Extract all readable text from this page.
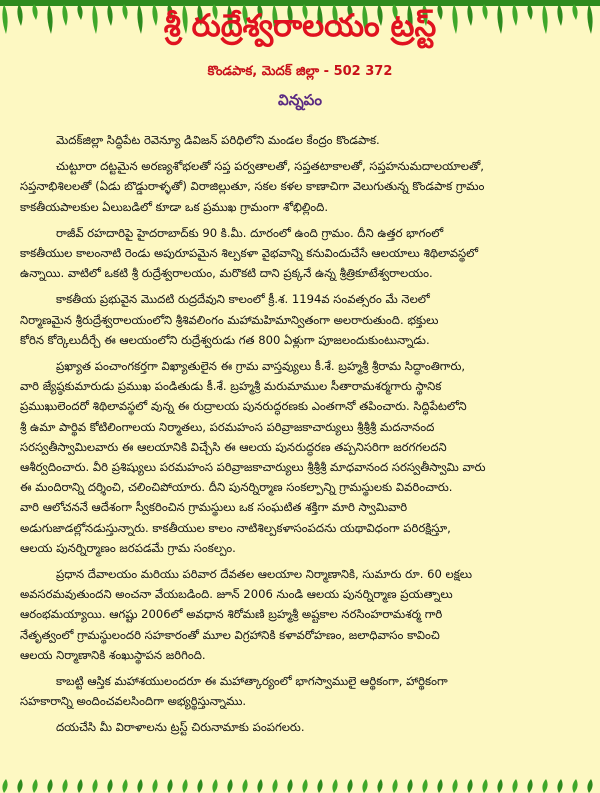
శ్రీ రుద్రేశ్వరాలయం ట్రస్ట్
కొండపాక, మెదక్ జిల్లా - 502 372
విన్నపం
మెదక్‌జిల్లా సిద్ధిపేట రెవెన్యూ డివిజన్ పరిధిలోని మండల కేంద్రం కొండపాక.
చుట్టూరా దట్టమైన అరణ్యశోభలతో సప్త పర్వతాలతో, సప్తతటాకాలతో, సప్తహనుమదాలయాలతో,
సప్తనాభిశిలలతో (ఏడు బొడ్డురాళ్ళతో) విరాజిల్లుతూ, సకల కళల కాణాచిగా వెలుగుతున్న కొండపాక గ్రామం
కాకతీయపాలకుల ఏలుబడిలో కూడా ఒక ప్రముఖ గ్రామంగా శోభిల్లింది.
రాజీవ్ రహదారిపై హైదరాబాద్‌కు 90 కి.మీ. దూరంలో ఉంది గ్రామం. దీని ఉత్తర భాగంలో
కాకతీయుల కాలంనాటి రెండు అపురూపమైన శిల్పకళా వైభవాన్ని కనువిందుచేసే ఆలయాలు శిథిలావస్థలో
ఉన్నాయి. వాటిలో ఒకటి శ్రీ రుద్రేశ్వరాలయం, మరొకటి దాని ప్రక్కనే ఉన్న శ్రీత్రికూటేశ్వరాలయం.
కాకతీయ ప్రభువైన మొదటి రుద్రదేవుని కాలంలో క్రీ.శ. 1194వ సంవత్సరం మే నెలలో
నిర్మాణమైన శ్రీరుద్రేశ్వరాలయంలోని శ్రీశివలింగం మహామహిమాన్వితంగా అలరారుతుంది. భక్తులు
కోరిన కోర్కెలుదీర్చే ఈ ఆలయంలోని రుద్రేశ్వరుడు గత 800 ఏళ్లుగా పూజలందుకుంటున్నాడు.
ప్రఖ్యాత పంచాంగకర్తగా విఖ్యాతులైన ఈ గ్రామ వాస్తవ్యులు కీ.శే. బ్రహ్మశ్రీ శ్రీరామ సిద్ధాంతిగారు,
వారి జ్యేష్ఠకుమారుడు ప్రముఖ పండితుడు కీ.శే. బ్రహ్మశ్రీ మరుమాముల సీతారామశర్మగారు స్థానిక
ప్రముఖులెందరో శిథిలావస్థలో వున్న ఈ రుద్రాలయ పునరుద్ధరణకు ఎంతగానో తపించారు. సిద్ధిపేటలోని
శ్రీ ఉమా పార్థివ కోటిలింగాలయ నిర్మాతలు, పరమహంస పరివ్రాజకాచార్యులు శ్రీశ్రీశ్రీ మదనానంద
సరస్వతీస్వామిలవారు ఈ ఆలయానికి విచ్చేసి ఈ ఆలయ పునరుద్ధరణ తప్పనిసరిగా జరగగలదని
ఆశీర్వదించారు. వీరి ప్రశిష్యులు పరమహంస పరివ్రాజకాచార్యులు శ్రీశ్రీశ్రీ మాధవానంద సరస్వతీస్వామి వారు
ఈ మందిరాన్ని దర్శించి, చలించిపోయారు. దీని పునర్నిర్మాణ సంకల్పాన్ని గ్రామస్థులకు వివరించారు.
వారి ఆలోచననే ఆదేశంగా స్వీకరించిన గ్రామస్థులు ఒక సంఘటిత శక్తిగా మారి స్వామివారి
అడుగుజాడల్లోనడుస్తున్నారు. కాకతీయుల కాలం నాటిశిల్పకళాసంపదను యథావిధంగా పరిరక్షిస్తూ,
ఆలయ పునర్నిర్మాణం జరపడమే గ్రామ సంకల్పం.
ప్రధాన దేవాలయం మరియు పరివార దేవతల ఆలయాల నిర్మాణానికి, సుమారు రూ. 60 లక్షలు
అవసరమవుతుందని అంచనా వేయబడింది. జూన్ 2006 నుండి ఆలయ పునర్నిర్మాణ ప్రయత్నాలు
ఆరంభమయ్యాయి. ఆగష్టు 2006లో అవధాన శిరోమణి బ్రహ్మశ్రీ అష్టకాల నరసింహరామశర్మ గారి
నేతృత్వంలో గ్రామస్థులందరి సహకారంతో మూల విగ్రహానికి కళావరోహణం, జలాధివాసం కావించి
ఆలయ నిర్మాణానికి శంఖుస్థాపన జరిగింది.
కాబట్టి ఆస్తిక మహాశయులందరూ ఈ మహాత్కార్యంలో భాగస్వాములై ఆర్థికంగా, హార్థికంగా
సహకారాన్ని అందించవలసిందిగా అభ్యర్థిస్తున్నాము.
దయచేసి మీ విరాళాలను ట్రస్ట్ చిరునామాకు పంపగలరు.
